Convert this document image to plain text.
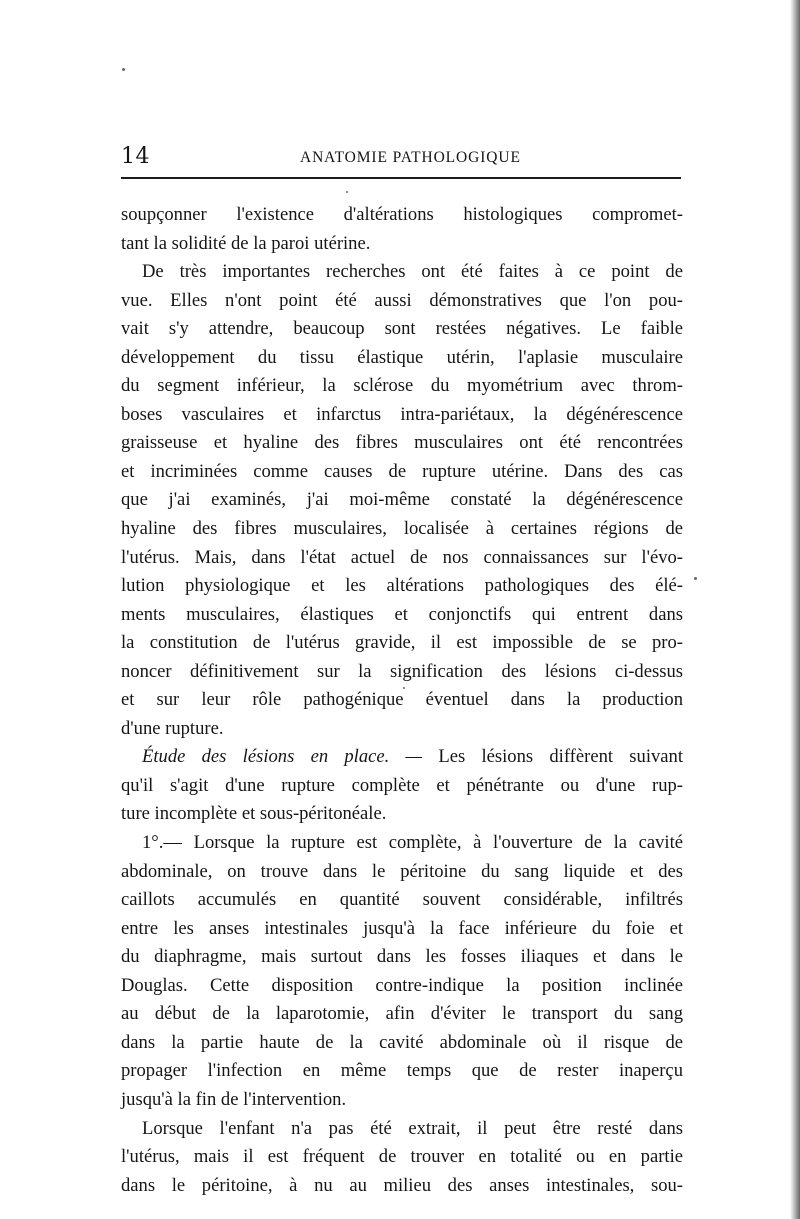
14	ANATOMIE PATHOLOGIQUE
soupçonner l'existence d'altérations histologiques compromet-
tant la solidité de la paroi utérine.
De très importantes recherches ont été faites à ce point de
vue. Elles n'ont point été aussi démonstratives que l'on pou-
vait s'y attendre, beaucoup sont restées négatives. Le faible
développement du tissu élastique utérin, l'aplasie musculaire
du segment inférieur, la sclérose du myométrium avec throm-
boses vasculaires et infarctus intra-pariétaux, la dégénérescence
graisseuse et hyaline des fibres musculaires ont été rencontrées
et incriminées comme causes de rupture utérine. Dans des cas
que j'ai examinés, j'ai moi-même constaté la dégénérescence
hyaline des fibres musculaires, localisée à certaines régions de
l'utérus. Mais, dans l'état actuel de nos connaissances sur l'évo-
lution physiologique et les altérations pathologiques des élé-
ments musculaires, élastiques et conjonctifs qui entrent dans
la constitution de l'utérus gravide, il est impossible de se pro-
noncer définitivement sur la signification des lésions ci-dessus
et sur leur rôle pathogénique éventuel dans la production
d'une rupture.
Étude des lésions en place. — Les lésions diffèrent suivant
qu'il s'agit d'une rupture complète et pénétrante ou d'une rup-
ture incomplète et sous-péritonéale.
1°.— Lorsque la rupture est complète, à l'ouverture de la cavité
abdominale, on trouve dans le péritoine du sang liquide et des
caillots accumulés en quantité souvent considérable, infiltrés
entre les anses intestinales jusqu'à la face inférieure du foie et
du diaphragme, mais surtout dans les fosses iliaques et dans le
Douglas. Cette disposition contre-indique la position inclinée
au début de la laparotomie, afin d'éviter le transport du sang
dans la partie haute de la cavité abdominale où il risque de
propager l'infection en même temps que de rester inaperçu
jusqu'à la fin de l'intervention.
Lorsque l'enfant n'a pas été extrait, il peut être resté dans
l'utérus, mais il est fréquent de trouver en totalité ou en partie
dans le péritoine, à nu au milieu des anses intestinales, sou-
